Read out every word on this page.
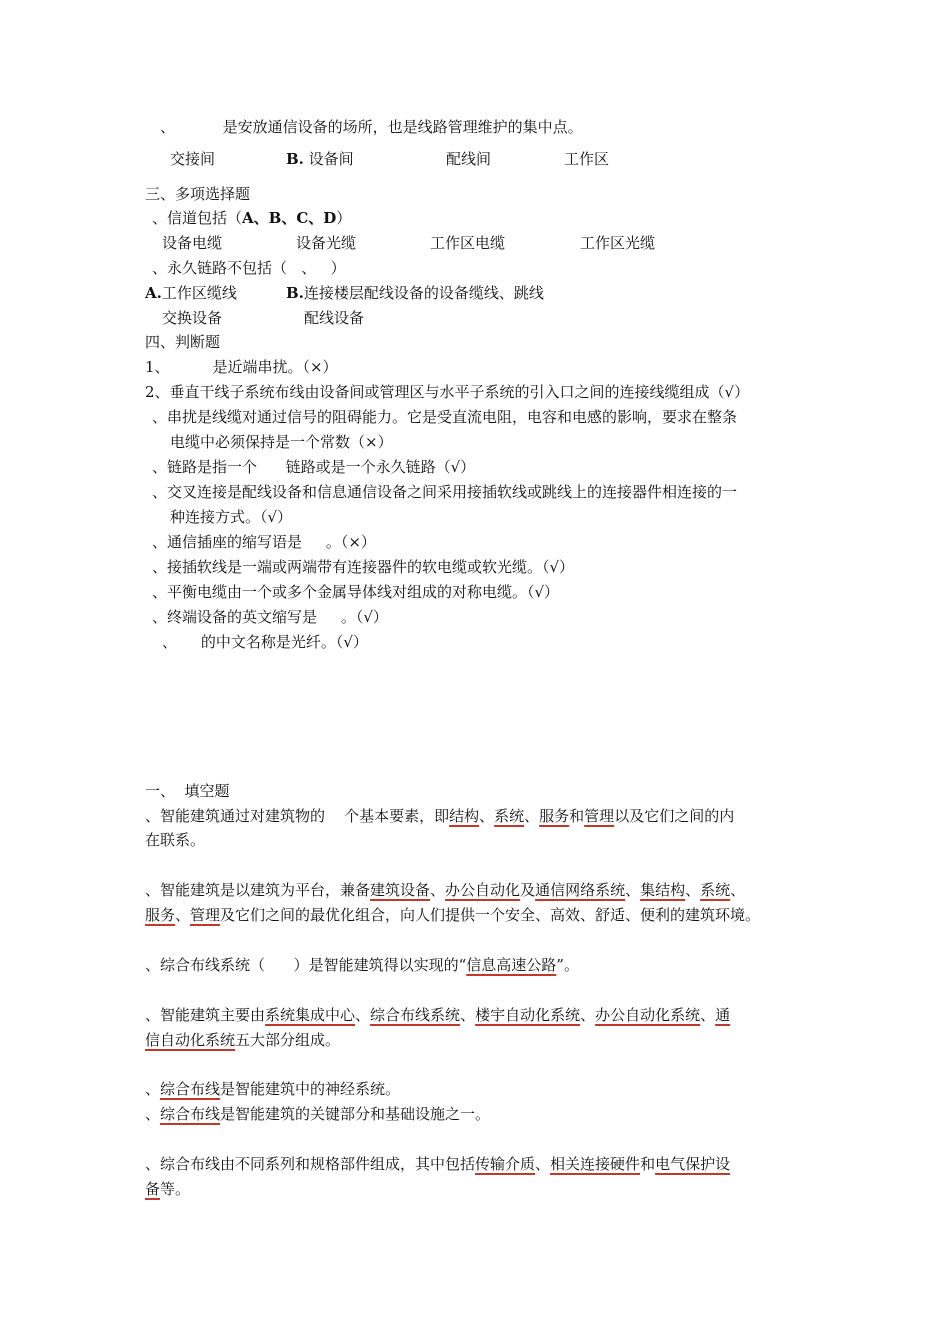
、          是安放通信设备的场所，也是线路管理维护的集中点。
交接间	B. 设备间	配线间	工作区
三、多项选择题
、信道包括（A、B、C、D）
设备电缆	设备光缆	工作区电缆	工作区光缆
、永久链路不包括（   、   ）
A.工作区缆线	B.连接楼层配线设备的设备缆线、跳线
交换设备	配线设备
四、判断题
1、         是近端串扰。（×）
2、垂直干线子系统布线由设备间或管理区与水平子系统的引入口之间的连接线缆组成（√）
、串扰是线缆对通过信号的阻碍能力。它是受直流电阻，电容和电感的影响，要求在整条
电缆中必须保持是一个常数（×）
、链路是指一个      链路或是一个永久链路（√）
、交叉连接是配线设备和信息通信设备之间采用接插软线或跳线上的连接器件相连接的一
种连接方式。（√）
、通信插座的缩写语是     。（×）
、接插软线是一端或两端带有连接器件的软电缆或软光缆。（√）
、平衡电缆由一个或多个金属导体线对组成的对称电缆。（√）
、终端设备的英文缩写是     。（√）
、     的中文名称是光纤。（√）
一、  填空题
、智能建筑通过对建筑物的    个基本要素，即结构、系统、服务和管理以及它们之间的内
在联系。
、智能建筑是以建筑为平台，兼备建筑设备、办公自动化及通信网络系统、集结构、系统、
服务、管理及它们之间的最优化组合，向人们提供一个安全、高效、舒适、便利的建筑环境。
、综合布线系统（      ）是智能建筑得以实现的“信息高速公路”。
、智能建筑主要由系统集成中心、综合布线系统、楼宇自动化系统、办公自动化系统、通
信自动化系统五大部分组成。
、综合布线是智能建筑中的神经系统。
、综合布线是智能建筑的关键部分和基础设施之一。
、综合布线由不同系列和规格部件组成，其中包括传输介质、相关连接硬件和电气保护设
备等。
